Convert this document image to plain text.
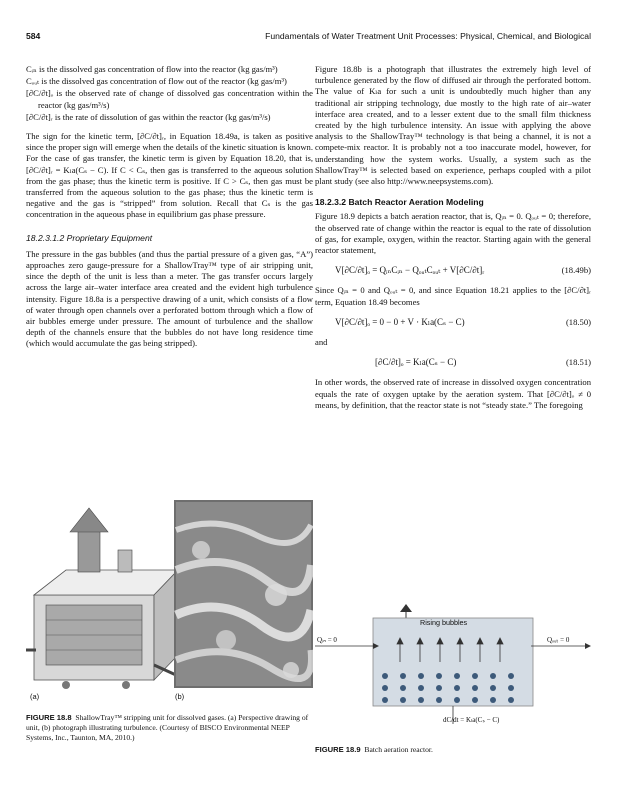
584	Fundamentals of Water Treatment Unit Processes: Physical, Chemical, and Biological

Cᵢₙ is the dissolved gas concentration of flow into the reactor (kg gas/m³)

Cₒᵤₜ is the dissolved gas concentration of flow out of the reactor (kg gas/m³)

[∂C/∂t]ₒ is the observed rate of change of dissolved gas concentration within the reactor (kg gas/m³/s)

[∂C/∂t]ᵣ is the rate of dissolution of gas within the reactor (kg gas/m³/s)

The sign for the kinetic term, [∂C/∂t]ᵣ, in Equation 18.49a, is taken as positive since the proper sign will emerge when the details of the kinetic situation is known. For the case of gas transfer, the kinetic term is given by Equation 18.20, that is, [∂C/∂t]ᵣ = Kₗa(Cₛ − C). If C < Cₛ, then gas is transferred to the aqueous solution from the gas phase; thus the kinetic term is positive. If C > Cₛ, then gas must be transferred from the aqueous solution to the gas phase; thus the kinetic term is negative and the gas is “stripped” from solution. Recall that Cₛ is the gas concentration in the aqueous phase in equilibrium gas phase pressure.

18.2.3.1.2 Proprietary Equipment

The pressure in the gas bubbles (and thus the partial pressure of a given gas, “A”) approaches zero gauge-pressure for a ShallowTray™ type of air stripping unit, since the depth of the unit is less than a meter. The gas transfer occurs largely across the large air–water interface area created and the evident high turbulence intensity. Figure 18.8a is a perspective drawing of a unit, which consists of a flow of water through open channels over a perforated bottom through which a flow of air bubbles emerge under pressure. The amount of turbulence and the shallow depth of the channels ensure that the bubbles do not have long residence time (which would accumulate the gas being stripped).

(a)	(b)
FIGURE 18.8 ShallowTray™ stripping unit for dissolved gases. (a) Perspective drawing of unit, (b) photograph illustrating turbulence. (Courtesy of BISCO Environmental NEEP Systems, Inc., Taunton, MA, 2010.)

Figure 18.8b is a photograph that illustrates the extremely high level of turbulence generated by the flow of diffused air through the perforated bottom. The value of Kₗa for such a unit is undoubtedly much higher than any traditional air stripping technology, due mostly to the high rate of air–water interface area created, and to a lesser extent due to the small film thickness created by the high turbulence intensity. An issue with applying the above analysis to the ShallowTray™ technology is that being a channel, it is not a compete-mix reactor. It is probably not a too inaccurate model, however, for understanding how the system works. Usually, a system such as the ShallowTray™ is selected based on experience, perhaps coupled with a pilot plant study (see also http://www.neepsystems.com).

18.2.3.2 Batch Reactor Aeration Modeling

Figure 18.9 depicts a batch aeration reactor, that is, Qᵢₙ = 0. Qₒᵤₜ = 0; therefore, the observed rate of change within the reactor is equal to the rate of dissolution of gas, for example, oxygen, within the reactor. Starting again with the general reactor statement,

V[∂C/∂t]ₒ = QᵢₙCᵢₙ − QₒᵤₜCₒᵤₜ + V[∂C/∂t]ᵣ	(18.49b)

Since Qᵢₙ = 0 and Qₒᵤₜ = 0, and since Equation 18.21 applies to the [∂C/∂t]ᵣ term, Equation 18.49 becomes

V[∂C/∂t]ₒ = 0 − 0 + V · Kₗa(Cₛ − C)	(18.50)

and

[∂C/∂t]ₒ = Kₗa(Cₛ − C)	(18.51)

In other words, the observed rate of increase in dissolved oxygen concentration equals the rate of oxygen uptake by the aeration system. That [∂C/∂t]ₒ ≠ 0 means, by definition, that the reactor state is not “steady state.” The foregoing

Rising bubbles
Qᵢₙ = 0	Qₒᵤₜ = 0
dC/dt = Kₗa(Cₛ − C)
FIGURE 18.9 Batch aeration reactor.
